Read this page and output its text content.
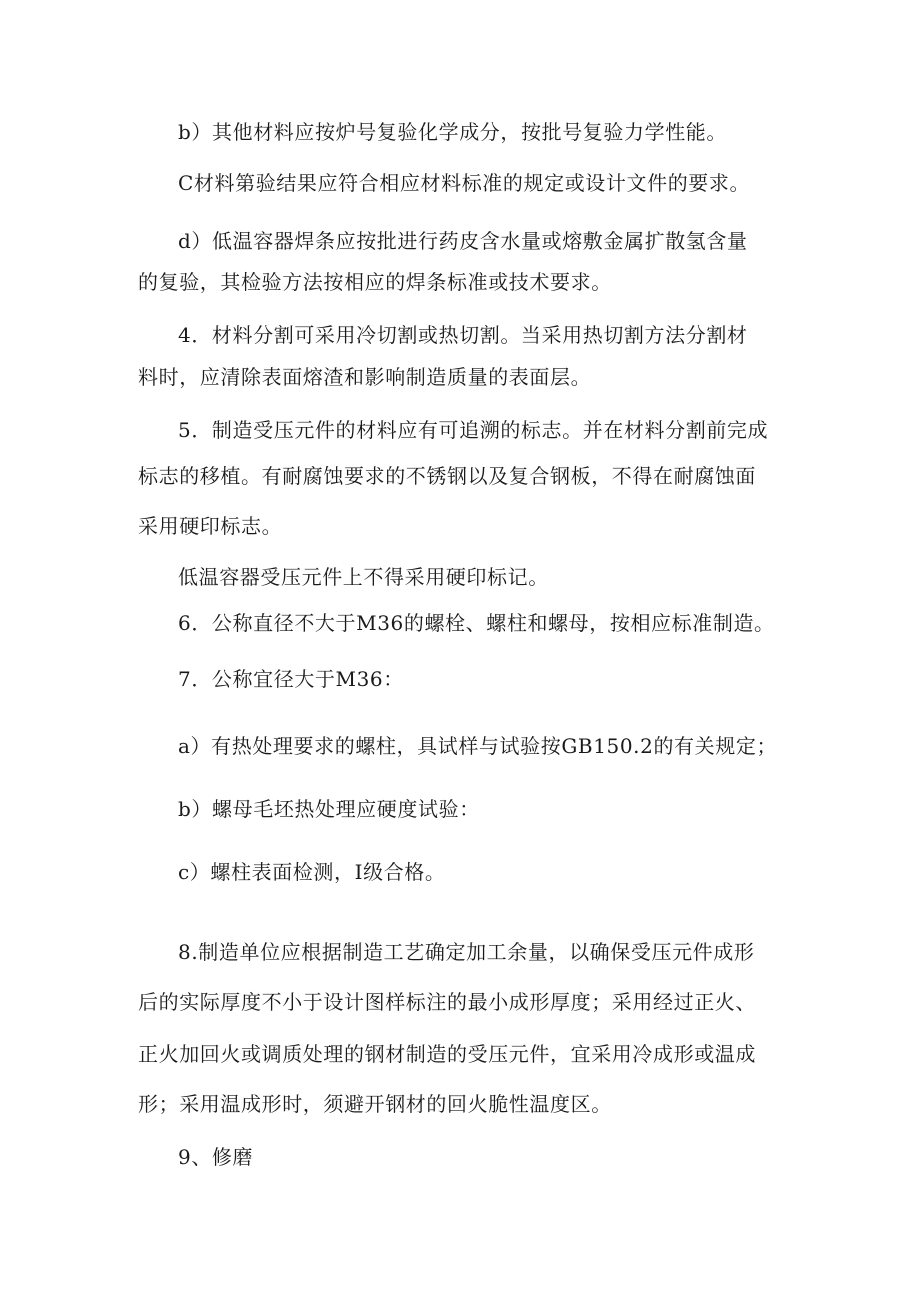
b）其他材料应按炉号复验化学成分，按批号复验力学性能。
C材料第验结果应符合相应材料标准的规定或设计文件的要求。
d）低温容器焊条应按批进行药皮含水量或熔敷金属扩散氢含量
的复验，其检验方法按相应的焊条标准或技术要求。
4．材料分割可采用冷切割或热切割。当采用热切割方法分割材
料时，应清除表面熔渣和影响制造质量的表面层。
5．制造受压元件的材料应有可追溯的标志。并在材料分割前完成
标志的移植。有耐腐蚀要求的不锈钢以及复合钢板，不得在耐腐蚀面
采用硬印标志。
低温容器受压元件上不得采用硬印标记。
6．公称直径不大于M36的螺栓、螺柱和螺母，按相应标准制造。
7．公称宜径大于M36：
a）有热处理要求的螺柱，具试样与试验按GB150.2的有关规定；
b）螺母毛坯热处理应硬度试验：
c）螺柱表面检测，Ⅰ级合格。
8.制造单位应根据制造工艺确定加工余量，以确保受压元件成形
后的实际厚度不小于设计图样标注的最小成形厚度；采用经过正火、
正火加回火或调质处理的钢材制造的受压元件，宜采用冷成形或温成
形；采用温成形时，须避开钢材的回火脆性温度区。
9、修磨
